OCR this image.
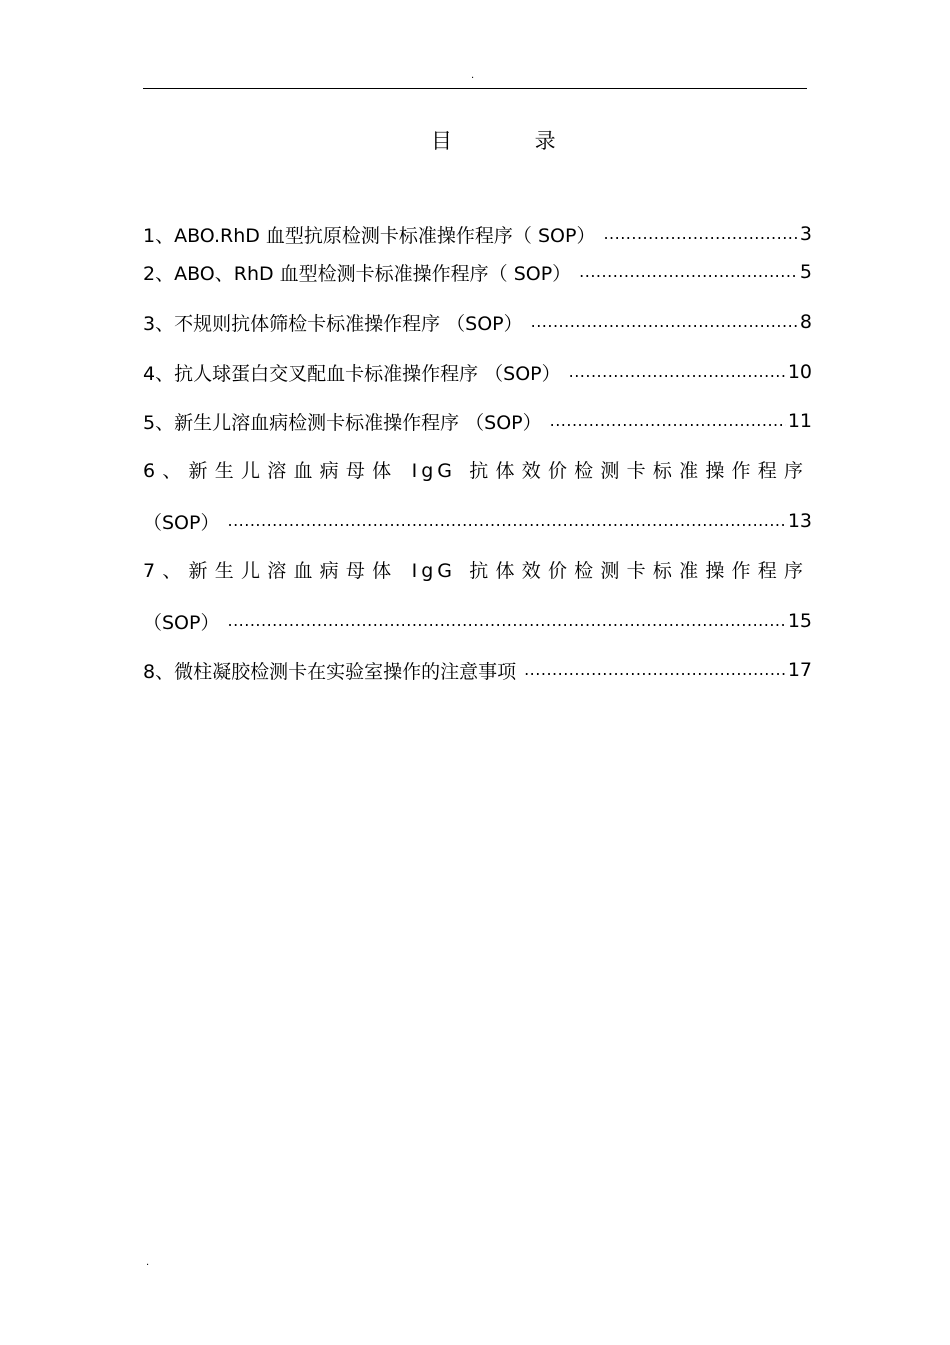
.
目 录
1、ABO.RhD 血型抗原检测卡标准操作程序（ SOP） .....	3
2、ABO、RhD 血型检测卡标准操作程序（ SOP） .....	5
3、不规则抗体筛检卡标准操作程序 （SOP） .....	8
4、抗人球蛋白交叉配血卡标准操作程序 （SOP） .....	10
5、新生儿溶血病检测卡标准操作程序 （SOP） .....	11
6、新生儿溶血病母体 IgG 抗体效价检测卡标准操作程序
（SOP） .....	13
7、新生儿溶血病母体 IgG 抗体效价检测卡标准操作程序
（SOP） .....	15
8、微柱凝胶检测卡在实验室操作的注意事项 .....	17
.
